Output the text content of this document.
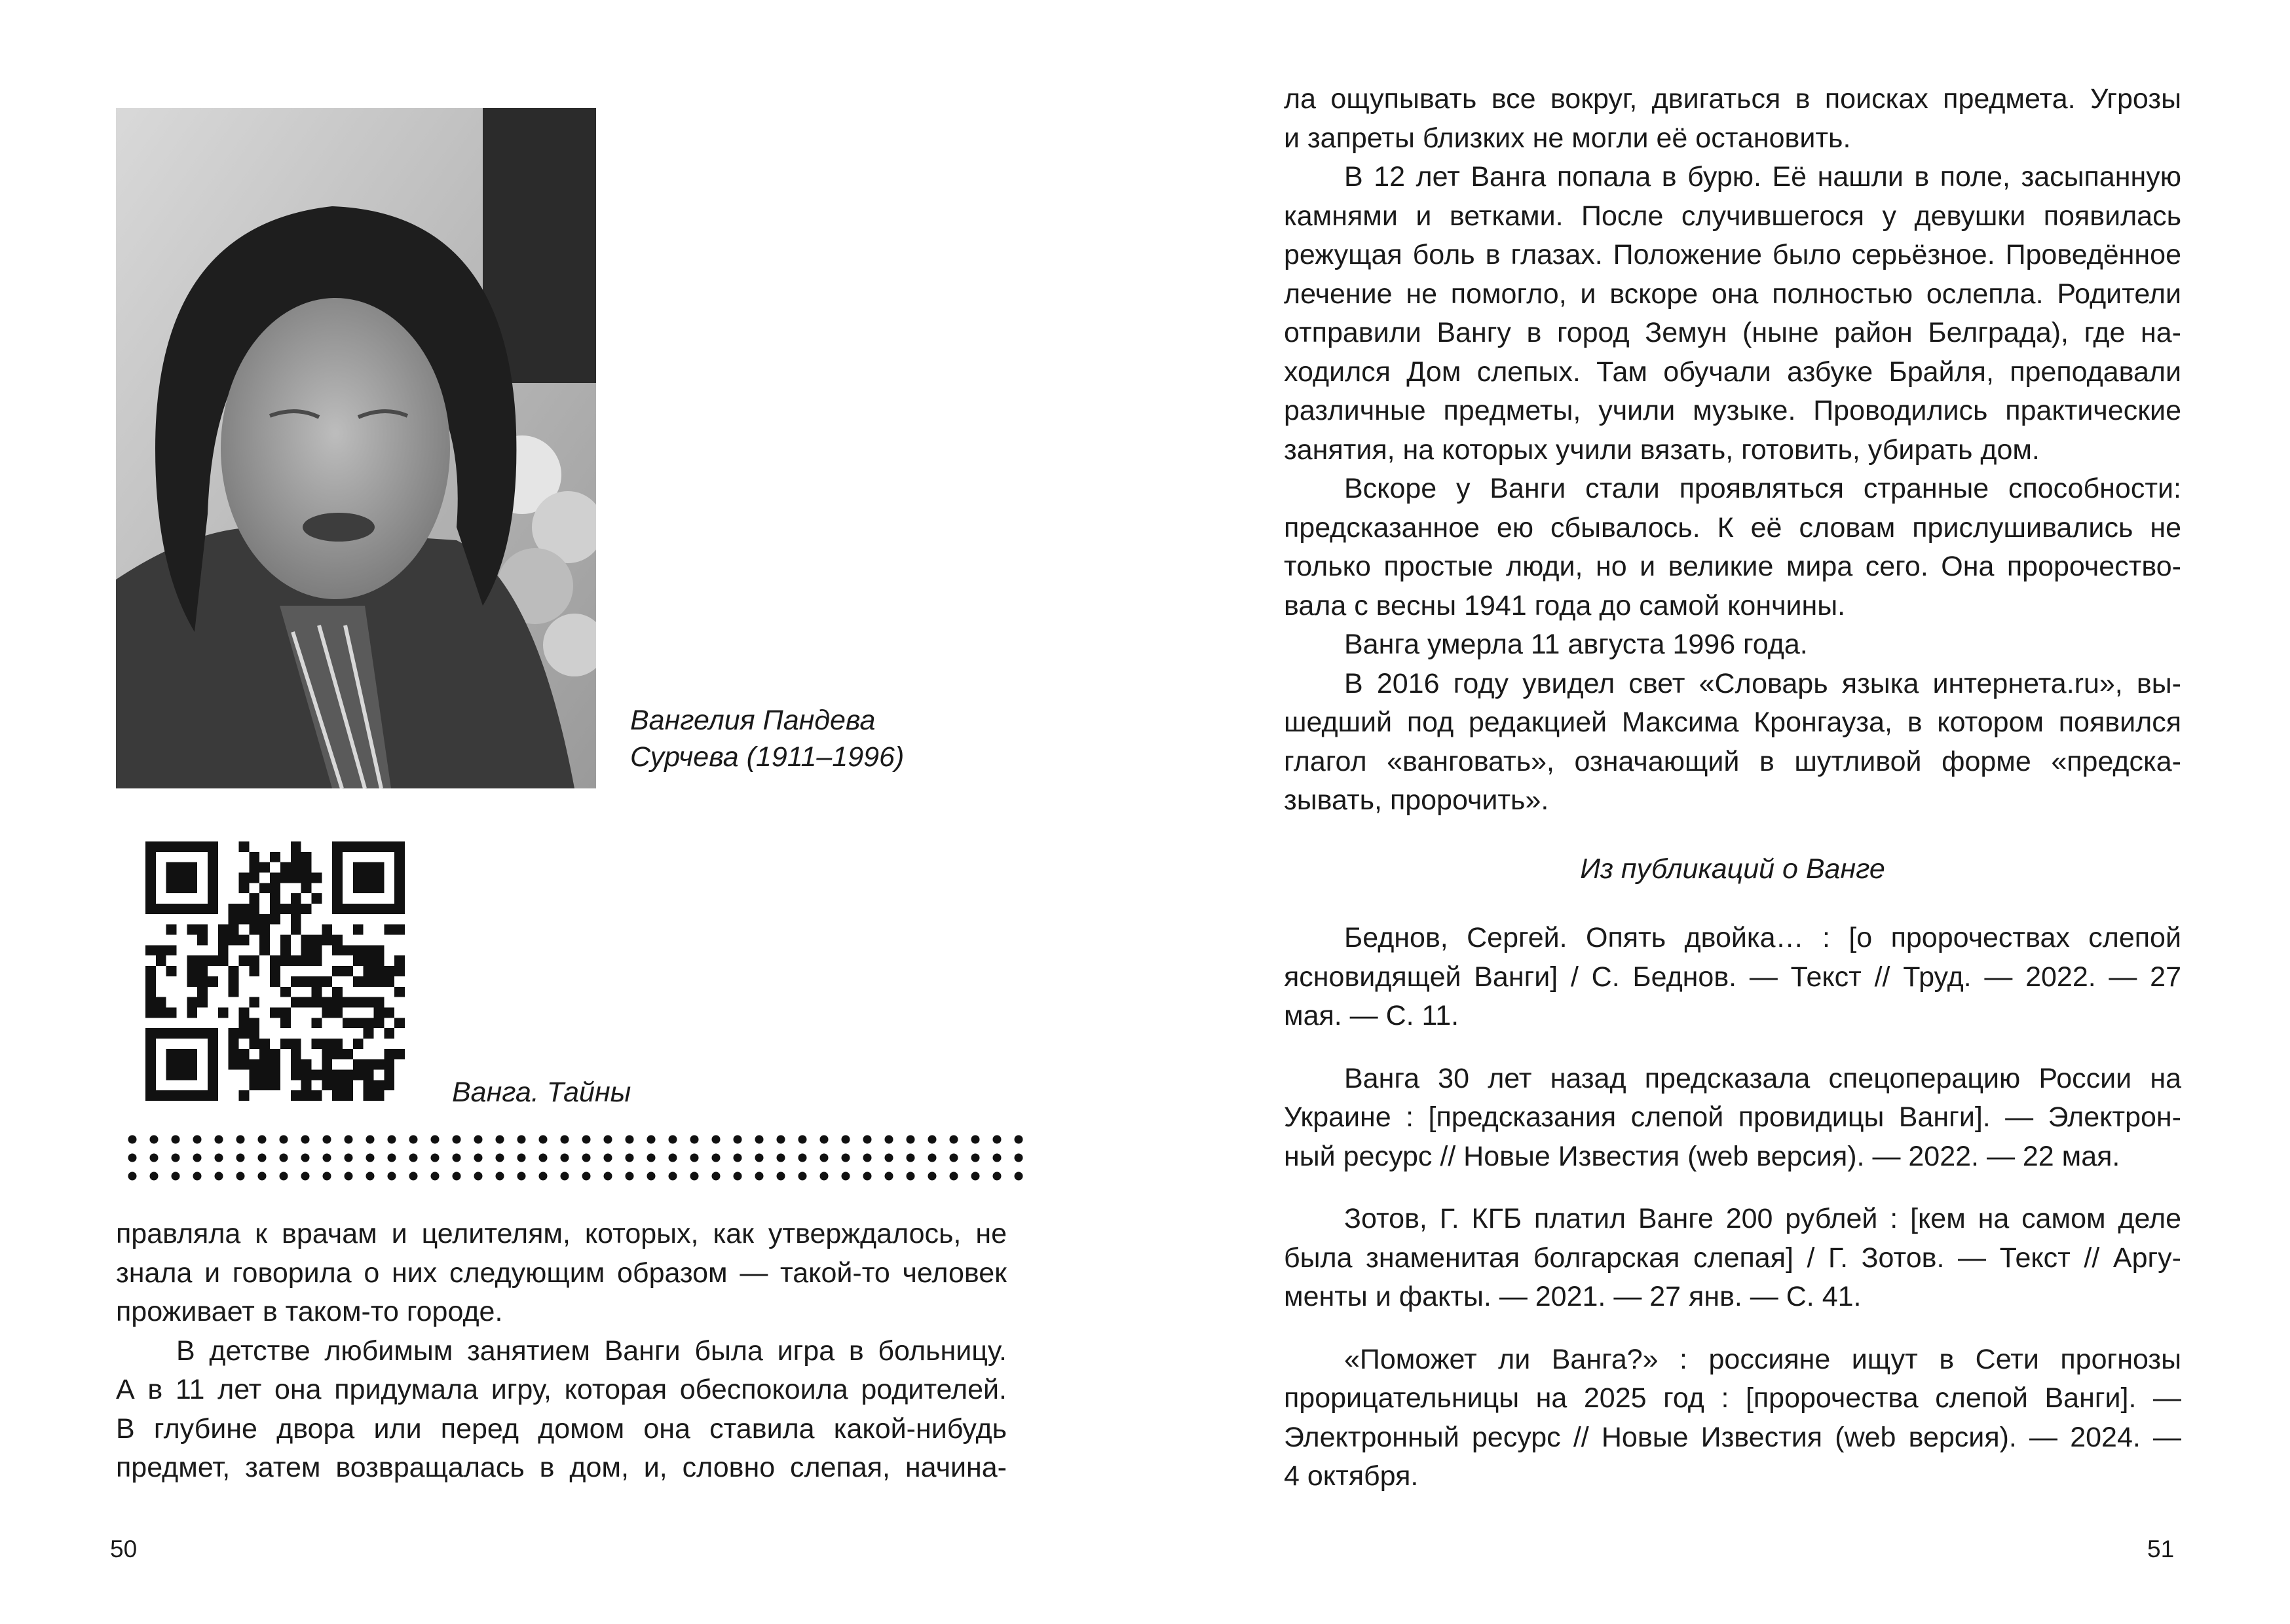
Вангелия Пандева
Сурчева (1911–1996)
Ванга. Тайны

правляла к врачам и целителям, которых, как утверждалось, не
знала и говорила о них следующим образом — такой-то человек
проживает в таком-то городе.

В детстве любимым занятием Ванги была игра в больницу.
А в 11 лет она придумала игру, которая обеспокоила родителей.
В глубине двора или перед домом она ставила какой-нибудь
предмет, затем возвращалась в дом, и, словно слепая, начина-

50

ла ощупывать все вокруг, двигаться в поисках предмета. Угрозы
и запреты близких не могли её остановить.

В 12 лет Ванга попала в бурю. Её нашли в поле, засыпанную
камнями и ветками. После случившегося у девушки появилась
режущая боль в глазах. Положение было серьёзное. Проведённое
лечение не помогло, и вскоре она полностью ослепла. Родители
отправили Вангу в город Земун (ныне район Белграда), где на-
ходился Дом слепых. Там обучали азбуке Брайля, преподавали
различные предметы, учили музыке. Проводились практические
занятия, на которых учили вязать, готовить, убирать дом.

Вскоре у Ванги стали проявляться странные способности:
предсказанное ею сбывалось. К её словам прислушивались не
только простые люди, но и великие мира сего. Она пророчество-
вала с весны 1941 года до самой кончины.

Ванга умерла 11 августа 1996 года.

В 2016 году увидел свет «Словарь языка интернета.ru», вы-
шедший под редакцией Максима Кронгауза, в котором появился
глагол «ванговать», означающий в шутливой форме «предска-
зывать, пророчить».

Из публикаций о Ванге
Беднов, Сергей. Опять двойка… : [о пророчествах слепой
ясновидящей Ванги] / С. Беднов. — Текст // Труд. — 2022. — 27
мая. — С. 11.
Ванга 30 лет назад предсказала спецоперацию России на
Украине : [предсказания слепой провидицы Ванги]. — Электрон-
ный ресурс // Новые Известия (web версия). — 2022. — 22 мая.
Зотов, Г. КГБ платил Ванге 200 рублей : [кем на самом деле
была знаменитая болгарская слепая] / Г. Зотов. — Текст // Аргу-
менты и факты. — 2021. — 27 янв. — С. 41.
«Поможет ли Ванга?» : россияне ищут в Сети прогнозы
прорицательницы на 2025 год : [пророчества слепой Ванги]. —
Электронный ресурс // Новые Известия (web версия). — 2024. —
4 октября.
51
